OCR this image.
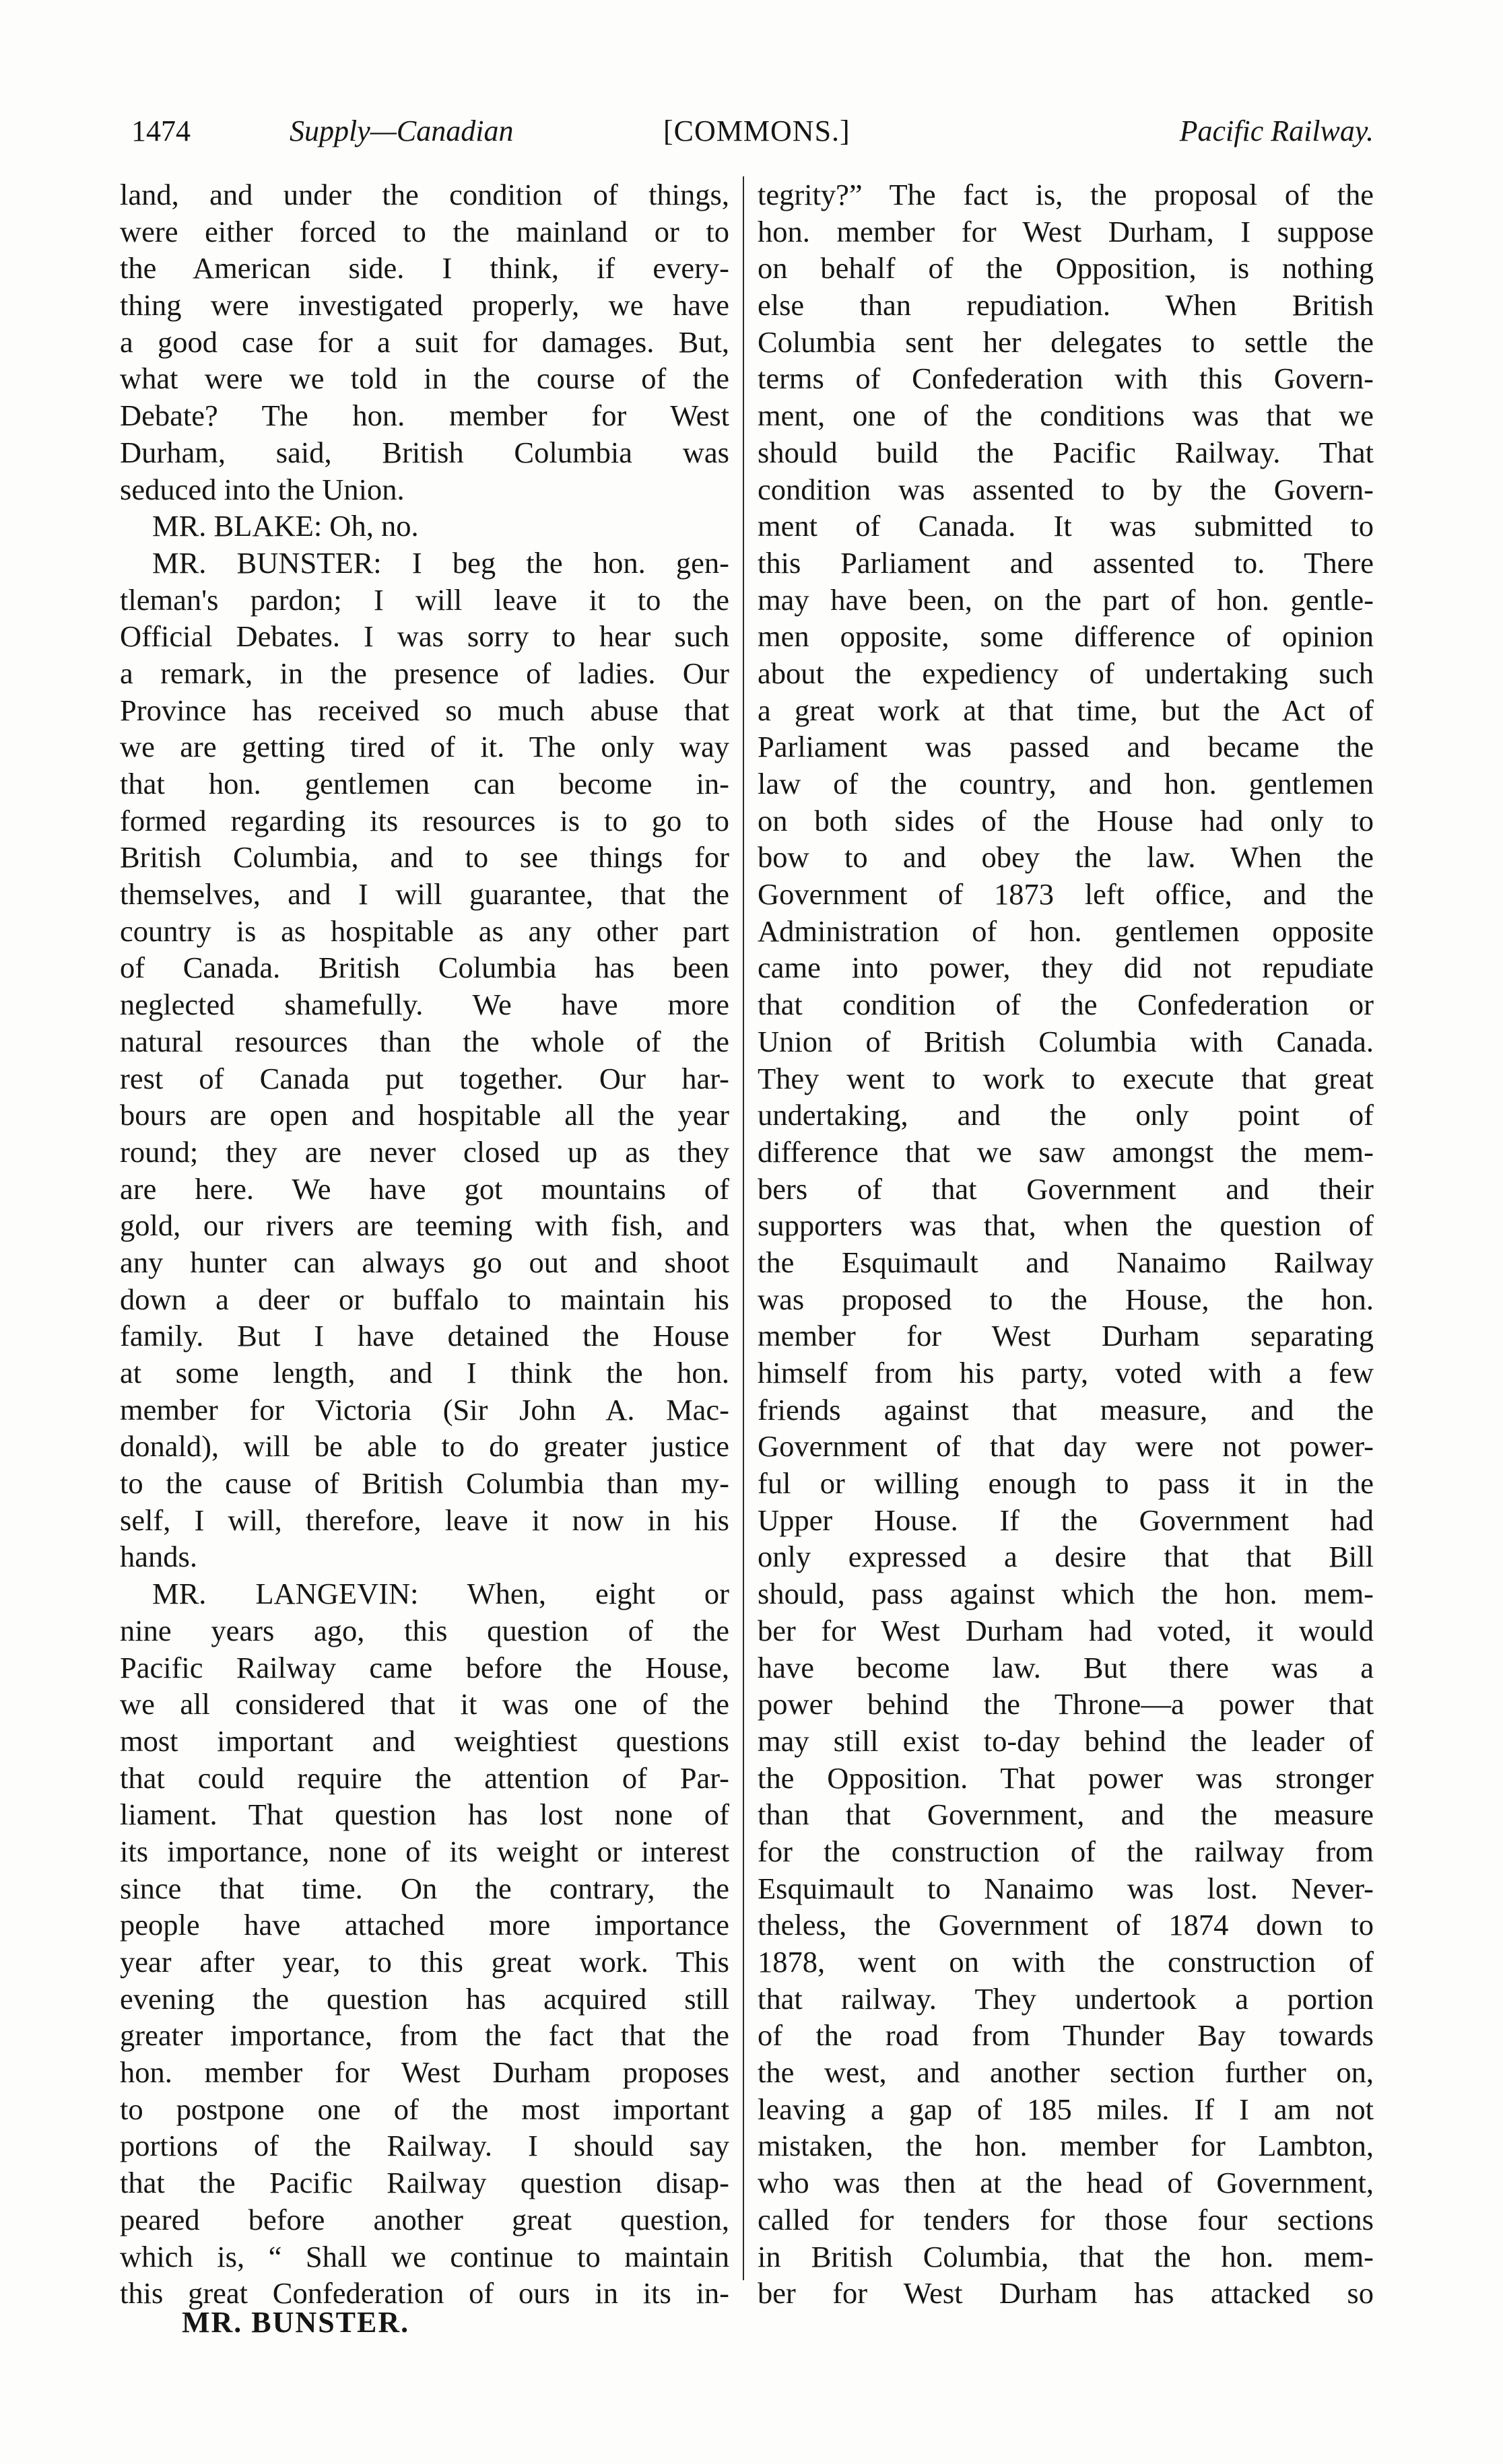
1474	Supply—Canadian	[COMMONS.]	Pacific Railway.
land, and under the condition of things,
were either forced to the mainland or to
the American side. I think, if every-
thing were investigated properly, we have
a good case for a suit for damages. But,
what were we told in the course of the
Debate? The hon. member for West
Durham, said, British Columbia was
seduced into the Union.
MR. BLAKE: Oh, no.
MR. BUNSTER: I beg the hon. gen-
tleman's pardon; I will leave it to the
Official Debates. I was sorry to hear such
a remark, in the presence of ladies. Our
Province has received so much abuse that
we are getting tired of it. The only way
that hon. gentlemen can become in-
formed regarding its resources is to go to
British Columbia, and to see things for
themselves, and I will guarantee, that the
country is as hospitable as any other part
of Canada. British Columbia has been
neglected shamefully. We have more
natural resources than the whole of the
rest of Canada put together. Our har-
bours are open and hospitable all the year
round; they are never closed up as they
are here. We have got mountains of
gold, our rivers are teeming with fish, and
any hunter can always go out and shoot
down a deer or buffalo to maintain his
family. But I have detained the House
at some length, and I think the hon.
member for Victoria (Sir John A. Mac-
donald), will be able to do greater justice
to the cause of British Columbia than my-
self, I will, therefore, leave it now in his
hands.
MR. LANGEVIN: When, eight or
nine years ago, this question of the
Pacific Railway came before the House,
we all considered that it was one of the
most important and weightiest questions
that could require the attention of Par-
liament. That question has lost none of
its importance, none of its weight or interest
since that time. On the contrary, the
people have attached more importance
year after year, to this great work. This
evening the question has acquired still
greater importance, from the fact that the
hon. member for West Durham proposes
to postpone one of the most important
portions of the Railway. I should say
that the Pacific Railway question disap-
peared before another great question,
which is, “ Shall we continue to maintain
this great Confederation of ours in its in-
tegrity?” The fact is, the proposal of the
hon. member for West Durham, I suppose
on behalf of the Opposition, is nothing
else than repudiation. When British
Columbia sent her delegates to settle the
terms of Confederation with this Govern-
ment, one of the conditions was that we
should build the Pacific Railway. That
condition was assented to by the Govern-
ment of Canada. It was submitted to
this Parliament and assented to. There
may have been, on the part of hon. gentle-
men opposite, some difference of opinion
about the expediency of undertaking such
a great work at that time, but the Act of
Parliament was passed and became the
law of the country, and hon. gentlemen
on both sides of the House had only to
bow to and obey the law. When the
Government of 1873 left office, and the
Administration of hon. gentlemen opposite
came into power, they did not repudiate
that condition of the Confederation or
Union of British Columbia with Canada.
They went to work to execute that great
undertaking, and the only point of
difference that we saw amongst the mem-
bers of that Government and their
supporters was that, when the question of
the Esquimault and Nanaimo Railway
was proposed to the House, the hon.
member for West Durham separating
himself from his party, voted with a few
friends against that measure, and the
Government of that day were not power-
ful or willing enough to pass it in the
Upper House. If the Government had
only expressed a desire that that Bill
should, pass against which the hon. mem-
ber for West Durham had voted, it would
have become law. But there was a
power behind the Throne—a power that
may still exist to-day behind the leader of
the Opposition. That power was stronger
than that Government, and the measure
for the construction of the railway from
Esquimault to Nanaimo was lost. Never-
theless, the Government of 1874 down to
1878, went on with the construction of
that railway. They undertook a portion
of the road from Thunder Bay towards
the west, and another section further on,
leaving a gap of 185 miles. If I am not
mistaken, the hon. member for Lambton,
who was then at the head of Government,
called for tenders for those four sections
in British Columbia, that the hon. mem-
ber for West Durham has attacked so
MR. BUNSTER.
